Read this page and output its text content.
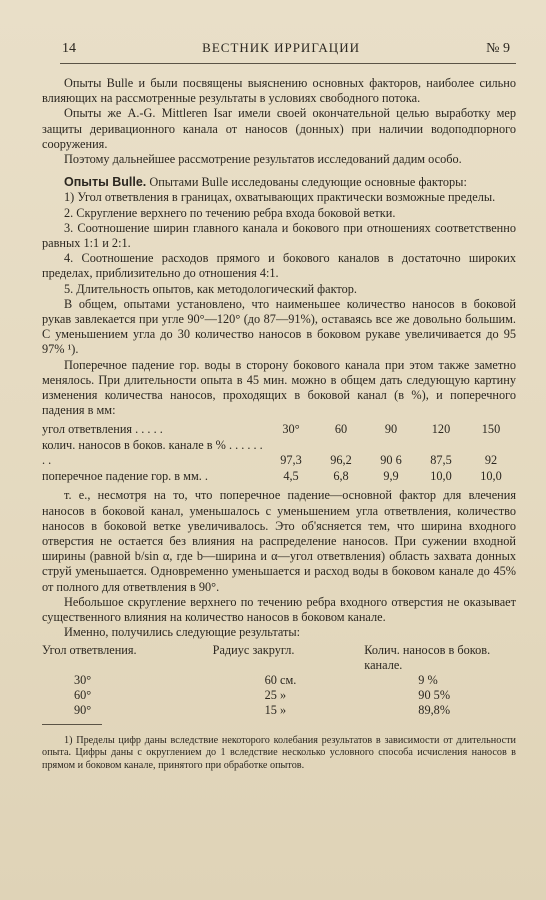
14	ВЕСТНИК ИРРИГАЦИИ	№ 9

Опыты Bulle и были посвящены выяснению основных факторов, наиболее сильно влияющих на рассмотренные результаты в условиях свободного потока.

Опыты же A.-G. Mittleren Isar имели своей окончательной целью выработку мер защиты деривационного канала от наносов (донных) при наличии водоподпорного сооружения.

Поэтому дальнейшее рассмотрение результатов исследований дадим особо.

Опыты Bulle. Опытами Bulle исследованы следующие основные факторы:

1) Угол ответвления в границах, охватывающих практически возможные пределы.

2. Скругление верхнего по течению ребра входа боковой ветки.

3. Соотношение ширин главного канала и бокового при отношениях соответственно равных 1:1 и 2:1.

4. Соотношение расходов прямого и бокового каналов в достаточно широких пределах, приблизительно до отношения 4:1.

5. Длительность опытов, как методологический фактор.

В общем, опытами установлено, что наименьшее количество наносов в боковой рукав завлекается при угле 90°—120° (до 87—91%), оставаясь все же довольно большим. С уменьшением угла до 30 количество наносов в боковом рукаве увеличивается до 95 97% ¹).

Поперечное падение гор. воды в сторону бокового канала при этом также заметно менялось. При длительности опыта в 45 мин. можно в общем дать следующую картину изменения количества наносов, проходящих в боковой канал (в %), и поперечного падения в мм:

угол ответвления . . . . .	30°	60	90	120	150
колич. наносов в боков. канале в % . . . . . . . .	97,3	96,2	90 6	87,5	92
поперечное падение гор. в мм. .	4,5	6,8	9,9	10,0	10,0

т. е., несмотря на то, что поперечное падение—основной фактор для влечения наносов в боковой канал, уменьшалось с уменьшением угла ответвления, количество наносов в боковой ветке увеличивалось. Это об'ясняется тем, что ширина входного отверстия не остается без влияния на распределение наносов. При сужении входной ширины (равной b/sin α, где b—ширина и α—угол ответвления) область захвата донных струй уменьшается. Одновременно уменьшается и расход воды в боковом канале до 45% от полного для ответвления в 90°.

Небольшое скругление верхнего по течению ребра входного отверстия не оказывает существенного влияния на количество наносов в боковом канале.

Именно, получились следующие результаты:

Угол ответвления.	Радиус закругл.	Колич. наносов в боков. канале.
30°	60 см.	9 %
60°	25 »	90 5%
90°	15 »	89,8%

1) Пределы цифр даны вследствие некоторого колебания результатов в зависимости от длительности опыта. Цифры даны с округлением до 1 вследствие несколько условного способа исчисления наносов в прямом и боковом канале, принятого при обработке опытов.
